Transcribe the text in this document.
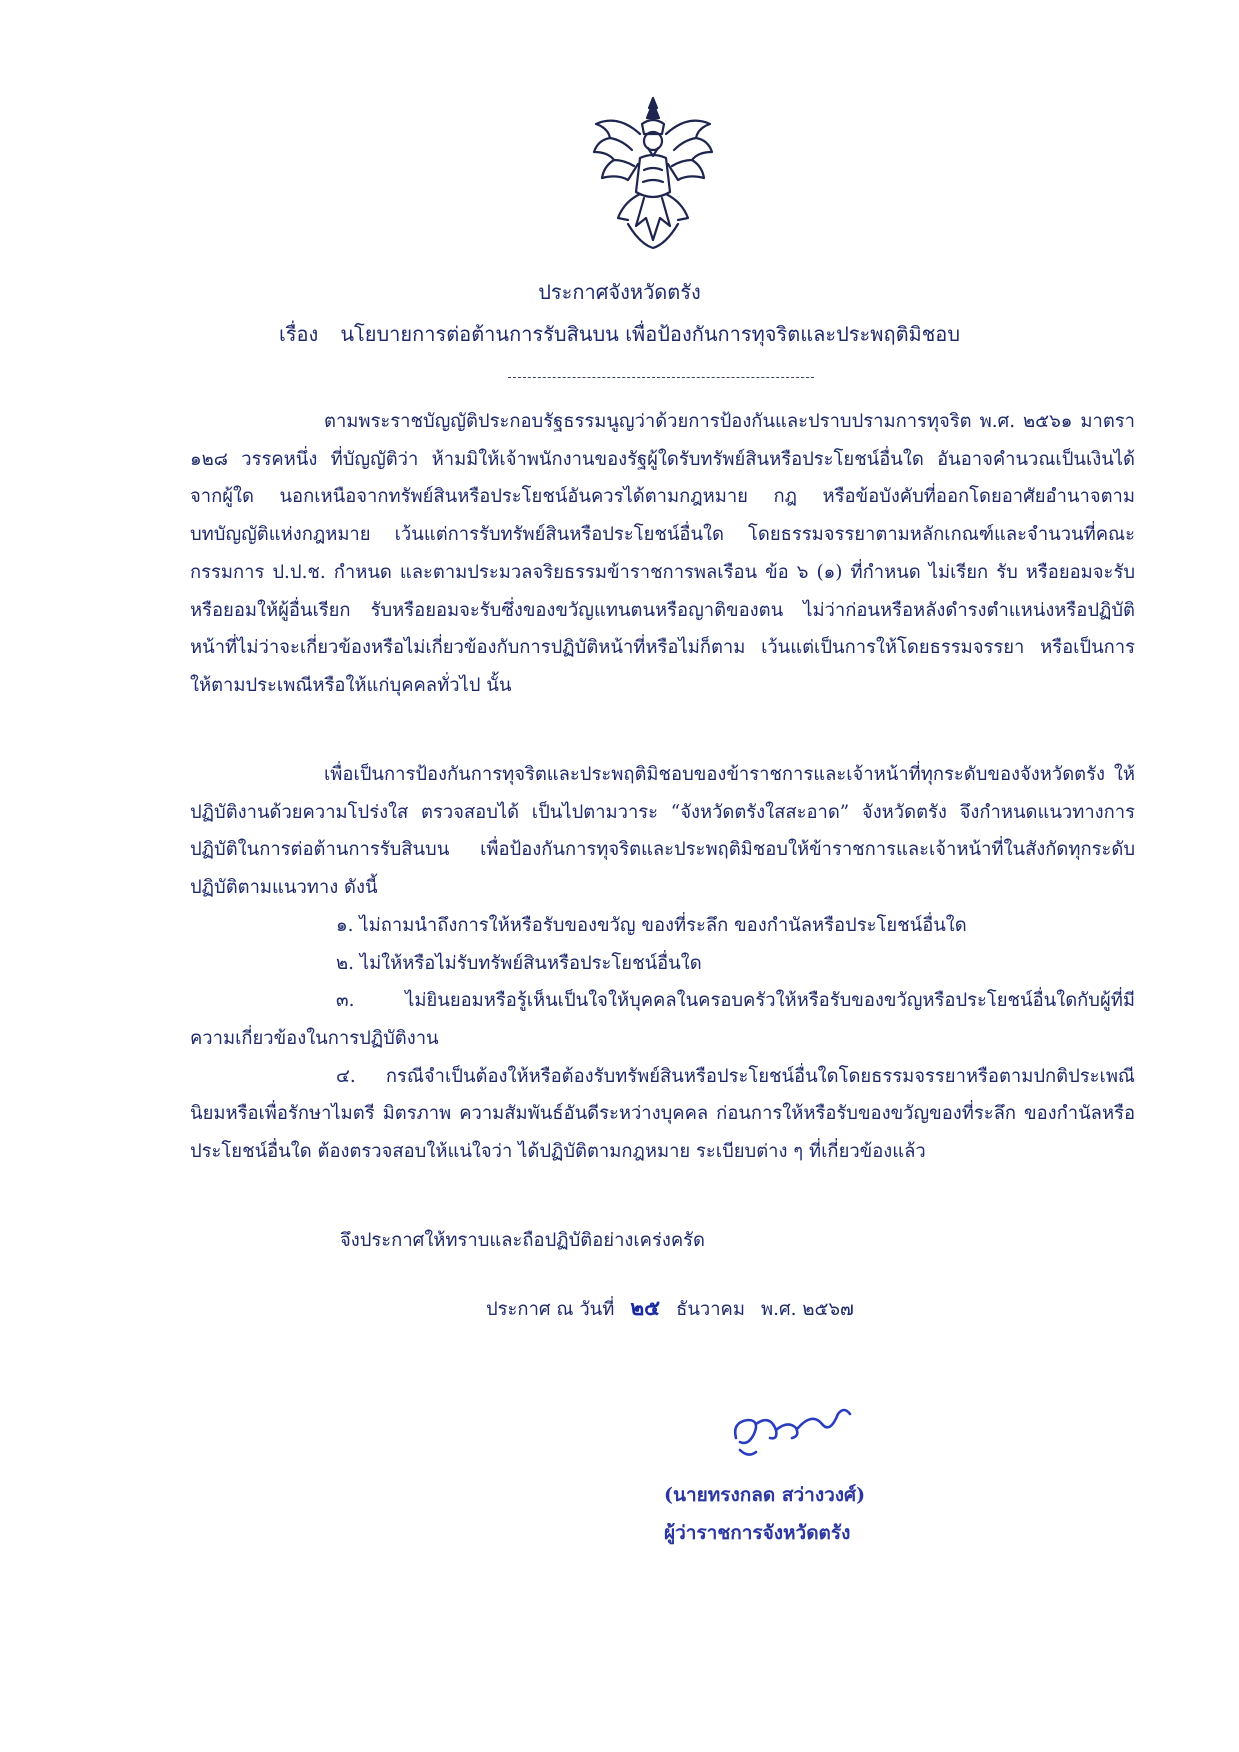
ประกาศจังหวัดตรัง
เรื่อง นโยบายการต่อต้านการรับสินบน เพื่อป้องกันการทุจริตและประพฤติมิชอบ

ตามพระราชบัญญัติประกอบรัฐธรรมนูญว่าด้วยการป้องกันและปราบปรามการทุจริต พ.ศ. ๒๕๖๑ มาตรา ๑๒๘ วรรคหนึ่ง ที่บัญญัติว่า ห้ามมิให้เจ้าพนักงานของรัฐผู้ใดรับทรัพย์สินหรือประโยชน์อื่นใด อันอาจคำนวณเป็นเงินได้จากผู้ใด นอกเหนือจากทรัพย์สินหรือประโยชน์อันควรได้ตามกฎหมาย กฎ หรือข้อบังคับที่ออกโดยอาศัยอำนาจตามบทบัญญัติแห่งกฎหมาย เว้นแต่การรับทรัพย์สินหรือประโยชน์อื่นใด โดยธรรมจรรยาตามหลักเกณฑ์และจำนวนที่คณะกรรมการ ป.ป.ช. กำหนด และตามประมวลจริยธรรมข้าราชการพลเรือน ข้อ ๖ (๑) ที่กำหนด ไม่เรียก รับ หรือยอมจะรับ หรือยอมให้ผู้อื่นเรียก รับหรือยอมจะรับซึ่งของขวัญแทนตนหรือญาติของตน ไม่ว่าก่อนหรือหลังดำรงตำแหน่งหรือปฏิบัติหน้าที่ไม่ว่าจะเกี่ยวข้องหรือไม่เกี่ยวข้องกับการปฏิบัติหน้าที่หรือไม่ก็ตาม เว้นแต่เป็นการให้โดยธรรมจรรยา หรือเป็นการให้ตามประเพณีหรือให้แก่บุคคลทั่วไป นั้น

เพื่อเป็นการป้องกันการทุจริตและประพฤติมิชอบของข้าราชการและเจ้าหน้าที่ทุกระดับของจังหวัดตรัง ให้ปฏิบัติงานด้วยความโปร่งใส ตรวจสอบได้ เป็นไปตามวาระ “จังหวัดตรังใสสะอาด” จังหวัดตรัง จึงกำหนดแนวทางการปฏิบัติในการต่อต้านการรับสินบน เพื่อป้องกันการทุจริตและประพฤติมิชอบให้ข้าราชการและเจ้าหน้าที่ในสังกัดทุกระดับปฏิบัติตามแนวทาง ดังนี้

๑. ไม่ถามนำถึงการให้หรือรับของขวัญ ของที่ระลึก ของกำนัลหรือประโยชน์อื่นใด

๒. ไม่ให้หรือไม่รับทรัพย์สินหรือประโยชน์อื่นใด

๓. ไม่ยินยอมหรือรู้เห็นเป็นใจให้บุคคลในครอบครัวให้หรือรับของขวัญหรือประโยชน์อื่นใดกับผู้ที่มีความเกี่ยวข้องในการปฏิบัติงาน

๔. กรณีจำเป็นต้องให้หรือต้องรับทรัพย์สินหรือประโยชน์อื่นใดโดยธรรมจรรยาหรือตามปกติประเพณีนิยมหรือเพื่อรักษาไมตรี มิตรภาพ ความสัมพันธ์อันดีระหว่างบุคคล ก่อนการให้หรือรับของขวัญของที่ระลึก ของกำนัลหรือประโยชน์อื่นใด ต้องตรวจสอบให้แน่ใจว่า ได้ปฏิบัติตามกฎหมาย ระเบียบต่าง ๆ ที่เกี่ยวข้องแล้ว

จึงประกาศให้ทราบและถือปฏิบัติอย่างเคร่งครัด
ประกาศ ณ วันที่ ๒๕ ธันวาคม พ.ศ. ๒๕๖๗
(นายทรงกลด สว่างวงศ์)
ผู้ว่าราชการจังหวัดตรัง
